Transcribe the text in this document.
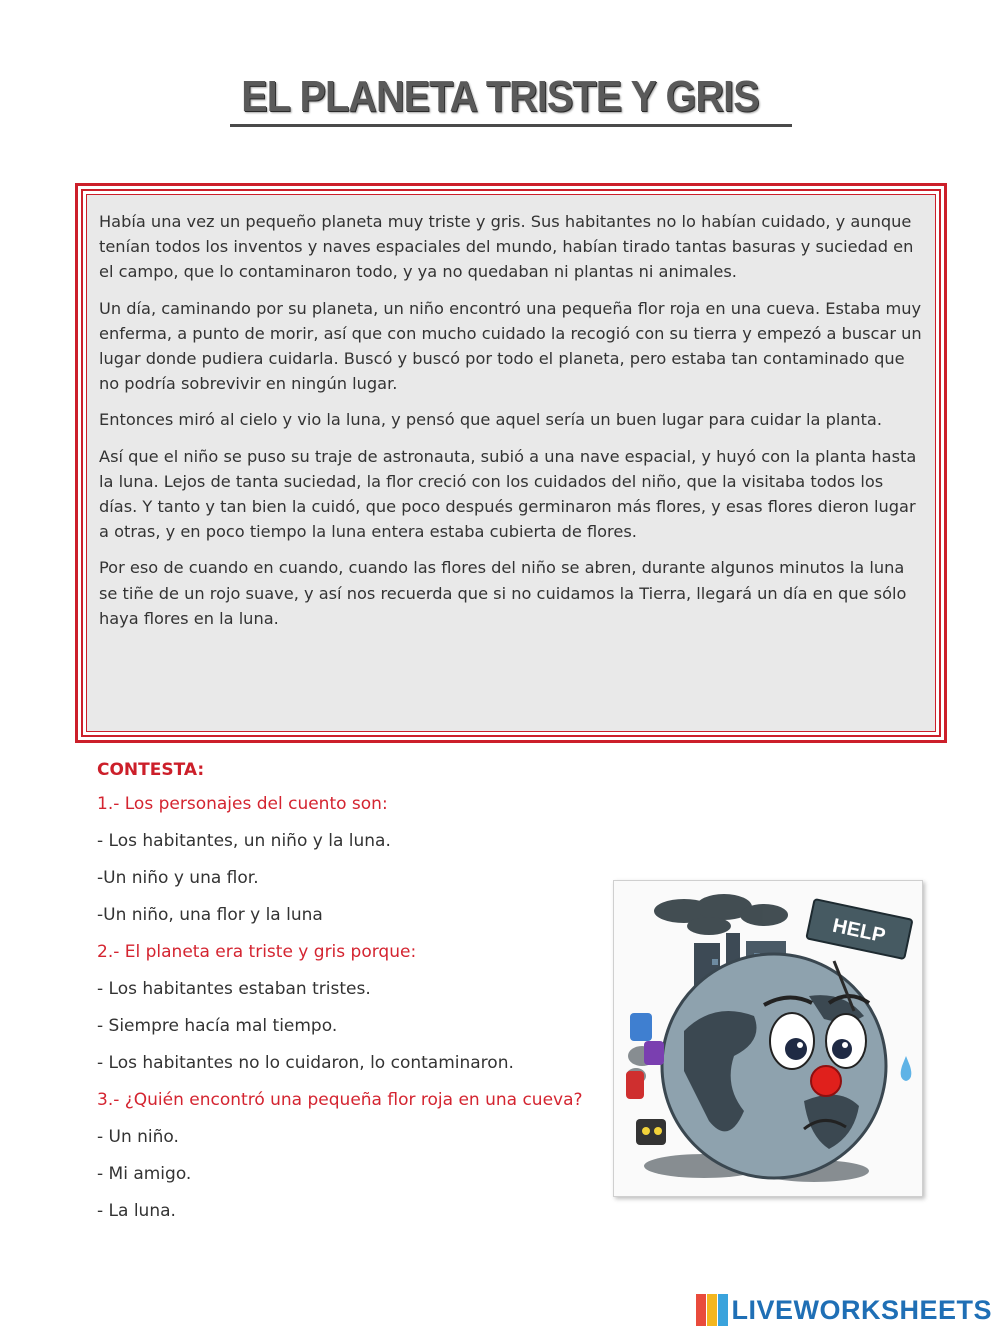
EL PLANETA TRISTE Y GRIS

Había una vez un pequeño planeta muy triste y gris. Sus habitantes no lo habían cuidado, y aunque tenían todos los inventos y naves espaciales del mundo, habían tirado tantas basuras y suciedad en el campo, que lo contaminaron todo, y ya no quedaban ni plantas ni animales.

Un día, caminando por su planeta, un niño encontró una pequeña flor roja en una cueva. Estaba muy enferma, a punto de morir, así que con mucho cuidado la recogió con su tierra y empezó a buscar un lugar donde pudiera cuidarla. Buscó y buscó por todo el planeta, pero estaba tan contaminado que no podría sobrevivir en ningún lugar.

Entonces miró al cielo y vio la luna, y pensó que aquel sería un buen lugar para cuidar la planta.

Así que el niño se puso su traje de astronauta, subió a una nave espacial, y huyó con la planta hasta la luna. Lejos de tanta suciedad, la flor creció con los cuidados del niño, que la visitaba todos los días. Y tanto y tan bien la cuidó, que poco después germinaron más flores, y esas flores dieron lugar a otras, y en poco tiempo la luna entera estaba cubierta de flores.

Por eso de cuando en cuando, cuando las flores del niño se abren, durante algunos minutos la luna se tiñe de un rojo suave, y así nos recuerda que si no cuidamos la Tierra, llegará un día en que sólo haya flores en la luna.

CONTESTA:

1.- Los personajes del cuento son:

- Los habitantes, un niño y la luna.

-Un niño y una flor.

-Un niño, una flor y la luna

2.- El planeta era triste y gris porque:

- Los habitantes estaban tristes.

- Siempre hacía mal tiempo.

- Los habitantes no lo cuidaron, lo contaminaron.

3.- ¿Quién encontró una pequeña flor roja en una cueva?

- Un niño.

- Mi amigo.

- La luna.

HELP
LIVEWORKSHEETS
